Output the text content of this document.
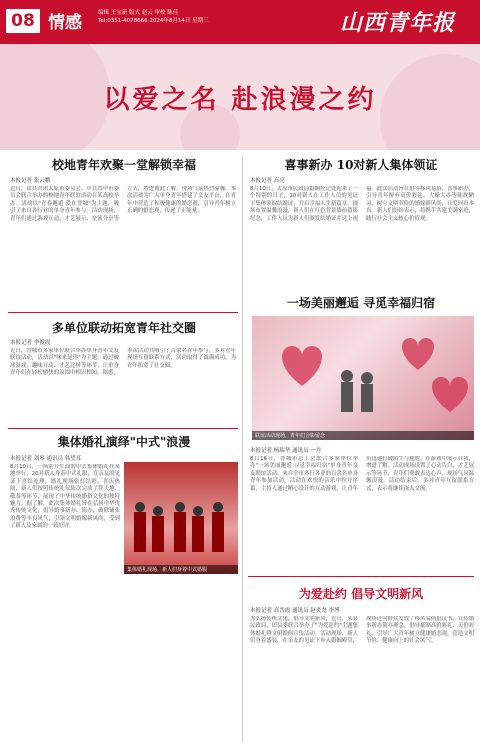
08 情感	编辑 王宝新 版式 赵云 审校 陈佳
Tel:0351-4078666 2024年8月14日 星期三	山西青年报
以爱之名 赴浪漫之约
校地青年欢聚一堂解锁幸福
本报记者 张云鹏
近日，由共青团太原市委员会、中共晋中市委员会联合举办的校地青年联谊活动在某高校举办。活动以"青春邂逅 爱在晋城"为主题，吸引了来自各行业的单身青年参与。活动现场，青年们通过游戏互动、才艺展示、交流分享等方式，增进彼此了解，现场气氛热烈温馨。本次活动为广大单身青年搭建了交友平台，在青年中营造了积极健康的婚恋观，引导青年树立正确的婚恋观，传递了正能量。
喜事新办 10对新人集体领证
本报记者 高亮
8月10日，太原市民政局婚姻登记处迎来了一个特别的日子，10对新人在工作人员的见证下集体领取结婚证，开启幸福人生新篇章。现场布置温馨浪漫，新人们在红色背景墙前留影纪念，工作人员为新人们颁发结婚证并送上祝福。此次活动旨在倡导移风易俗、喜事新办，引导青年摒弃高价彩礼、大操大办等陈规陋习，树立文明节俭的婚嫁新风尚，让爱回归本真。新人们纷纷表示，将携手共建美满家庭，践行社会主义核心价值观。
多单位联动拓宽青年社交圈
本报记者 李俊霞
近日，晋城市多家单位联合举办单身青年交友联谊活动，活动以"缘来是你"为主题，通过破冰游戏、趣味互动、才艺比拼等环节，让单身青年们在轻松愉快的氛围中相识相知。据悉，本次活动共吸引了百余名青年参与，多对青年现场互留联系方式，活动取得了圆满成功，为青年拓宽了社交圈。
一场美丽邂逅 寻觅幸福归宿
联谊活动现场，青年们合影留念
本报记者 杨瑞华 通讯员 一丹
8月16日，晋城市总工会联合多家单位举办"一场美丽邂逅 寻觅幸福归宿"单身青年交友联谊活动，来自全市各行各业的百余名单身青年参加活动。活动在欢快的音乐中拉开序幕，主持人通过精心设计的互动游戏，让青年们迅速打破陌生与尴尬，在游戏中展示自我，增进了解。活动现场设置了心动告白、才艺展示等环节，青年们勇敢表达心声，现场气氛温馨浪漫。活动结束后，多对青年互留联系方式，表示将继续深入交流。
集体婚礼演绎"中式"浪漫
本报记者 刘琴 通讯员 韩望耳
8月10日，一场别开生面的中式集体婚礼在某地举行，20对新人身着中式礼服，在亲友的见证下喜结连理。婚礼现场张灯结彩，喜庆热闹，新人们按照传统礼仪依次完成了拜天地、敬茶等环节，展现了中华传统婚俗文化的独特魅力。据了解，此次集体婚礼旨在弘扬中华优秀传统文化，倡导婚事新办、简办，破除铺张浪费等不良风气，引领文明婚嫁新风尚，受到了新人及家属的一致好评。
集体婚礼现场，新人们身着中式婚服
为爱赴约 倡导文明新风
本报记者 高晋霞 通讯员 赵炎尧 李博
为弘扬传统文化，倡导文明新风，近日，某县民政局、团县委联合举办了"为爱赴约"主题集体婚礼暨文明婚俗宣传活动。活动现场，新人们身着盛装，在亲友的见证下步入婚姻殿堂，现场还向群众发放了移风易俗倡议书，宣传婚事新办简办理念，倡导抵制高价彩礼、天价彩礼，引导广大青年树立健康婚恋观，营造文明节俭、健康向上的社会风气。
